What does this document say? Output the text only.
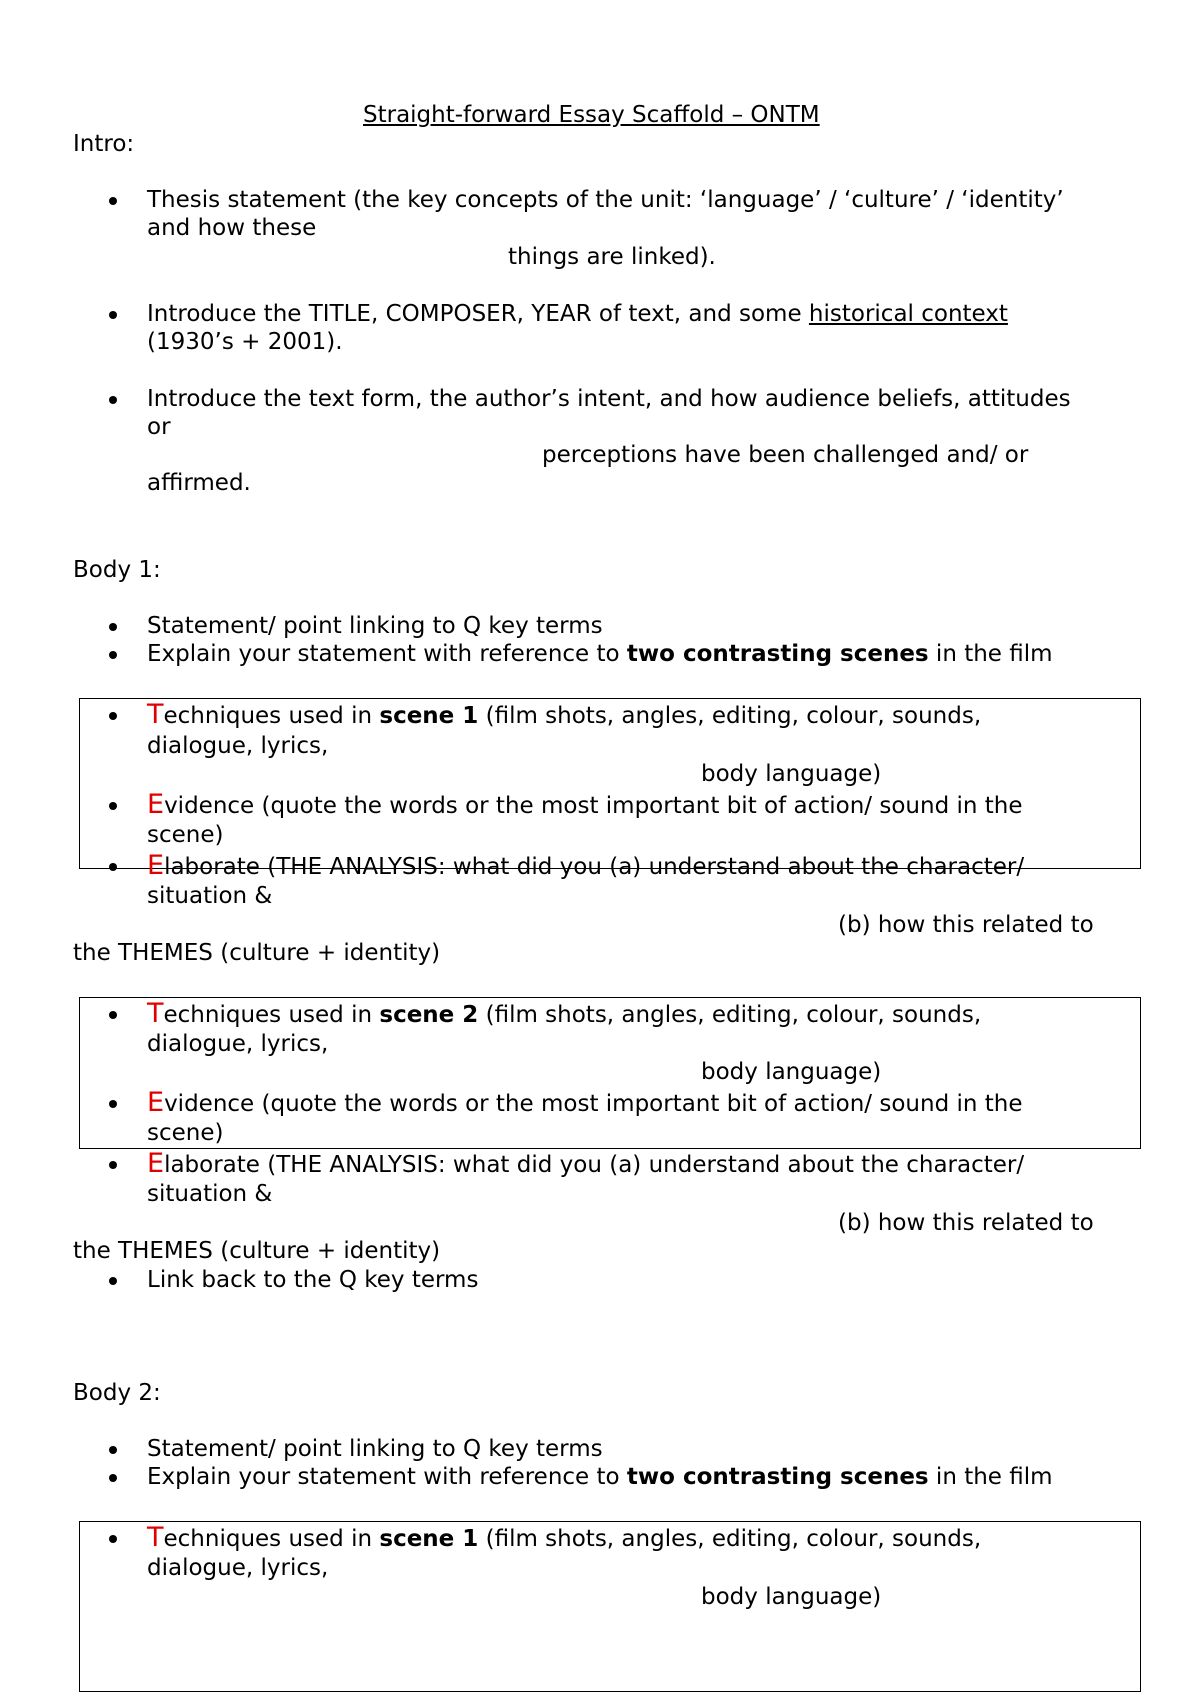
Straight-forward Essay Scaffold – ONTM
Intro:
Thesis statement (the key concepts of the unit: ‘language’ / ‘culture’ / ‘identity’
and how these
things are linked).
Introduce the TITLE, COMPOSER, YEAR of text, and some historical context
(1930’s + 2001).
Introduce the text form, the author’s intent, and how audience beliefs, attitudes
or
perceptions have been challenged and/ or
affirmed.
Body 1:
Statement/ point linking to Q key terms
Explain your statement with reference to two contrasting scenes in the film
Techniques used in scene 1 (film shots, angles, editing, colour, sounds,
dialogue, lyrics,
body language)
Evidence (quote the words or the most important bit of action/ sound in the
scene)
Elaborate (THE ANALYSIS: what did you (a) understand about the character/
situation &
(b) how this related to
the THEMES (culture + identity)
Techniques used in scene 2 (film shots, angles, editing, colour, sounds,
dialogue, lyrics,
body language)
Evidence (quote the words or the most important bit of action/ sound in the
scene)
Elaborate (THE ANALYSIS: what did you (a) understand about the character/
situation &
(b) how this related to
the THEMES (culture + identity)
Link back to the Q key terms
Body 2:
Statement/ point linking to Q key terms
Explain your statement with reference to two contrasting scenes in the film
Techniques used in scene 1 (film shots, angles, editing, colour, sounds,
dialogue, lyrics,
body language)
